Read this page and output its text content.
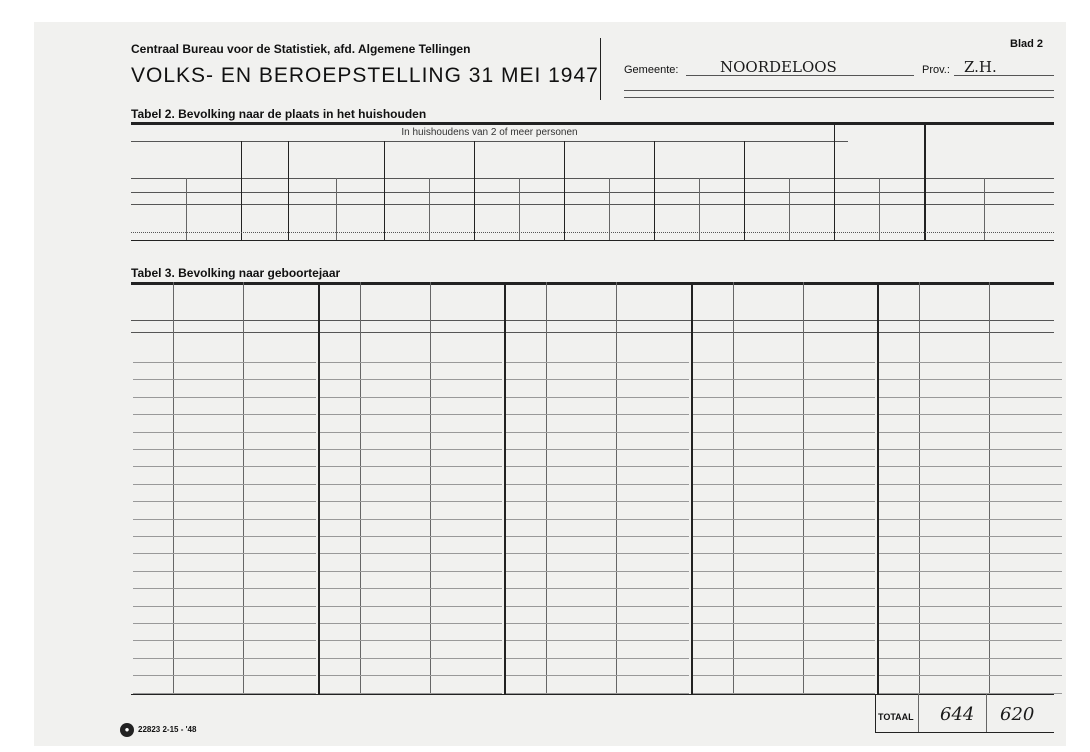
Centraal Bureau voor de Statistiek, afd. Algemene Tellingen
VOLKS- EN BEROEPSTELLING 31 MEI 1947 Gemeente:	NOORDELOOS	Prov.: Z.H.
Blad 2
Tabel 2. Bevolking naar de plaats in het huishouden
In huishoudens van 2 of meer personen
Tabel 3. Bevolking naar geboortejaar
TOTAAL 644 620
●	22823 2-15 - '48
